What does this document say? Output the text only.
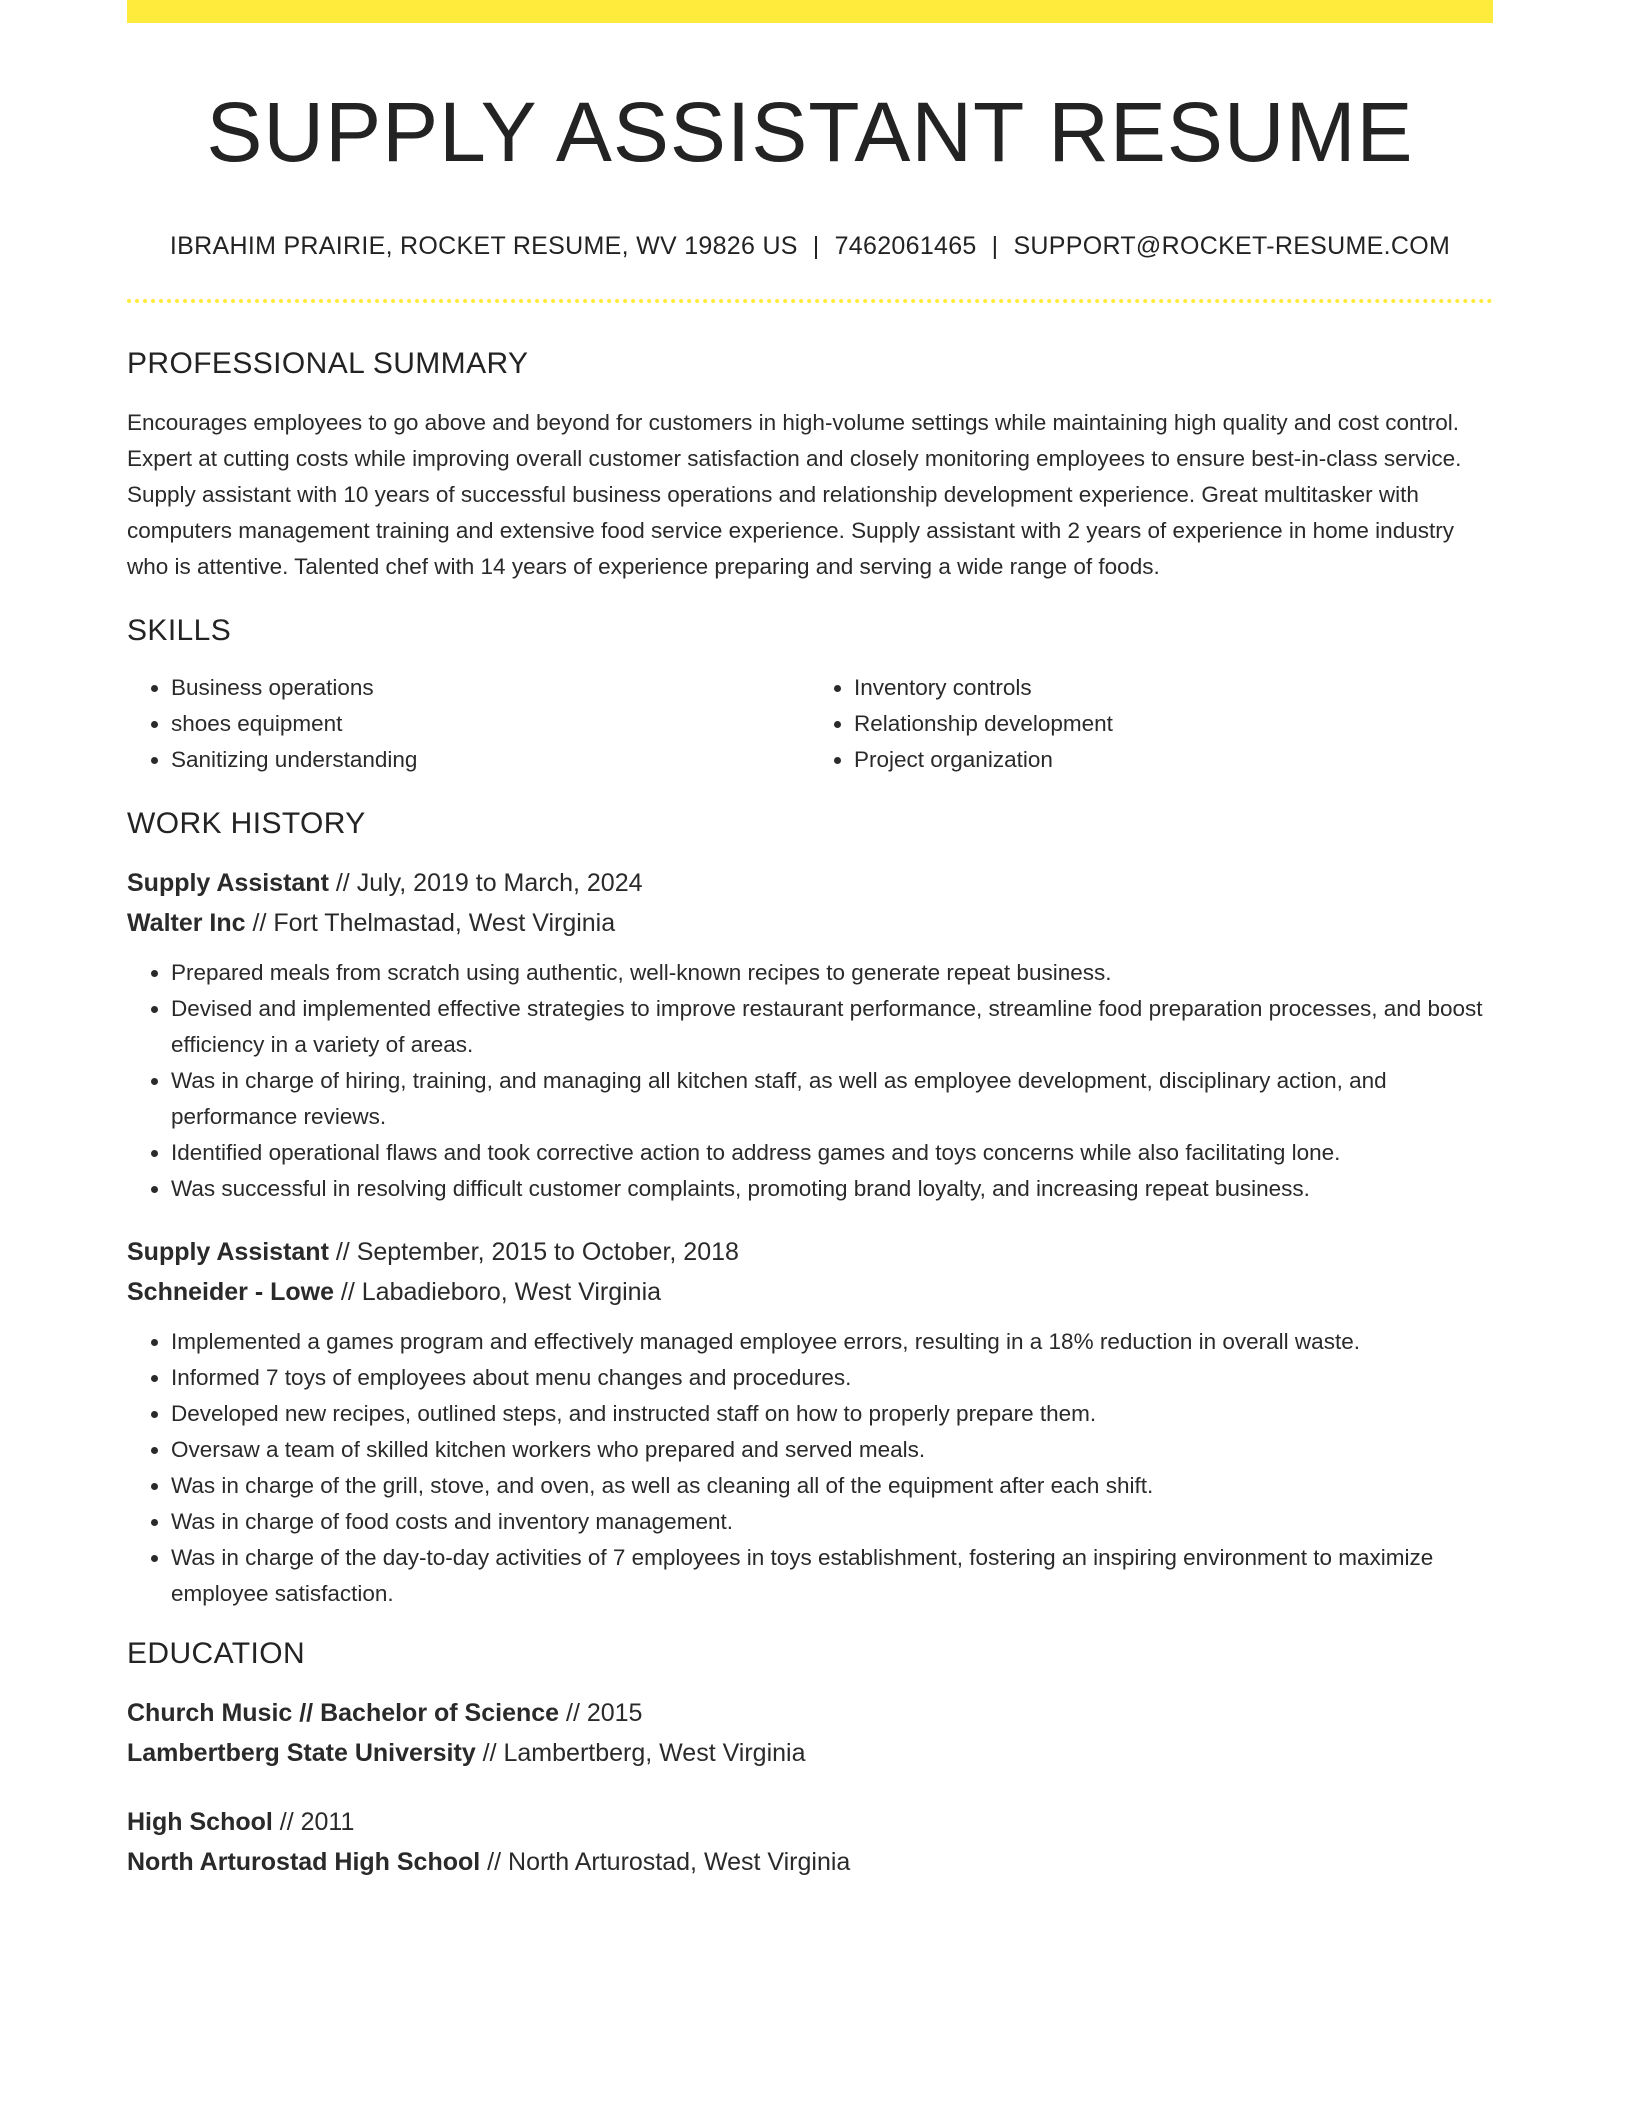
SUPPLY ASSISTANT RESUME
IBRAHIM PRAIRIE, ROCKET RESUME, WV 19826 US | 7462061465 | SUPPORT@ROCKET-RESUME.COM
PROFESSIONAL SUMMARY
Encourages employees to go above and beyond for customers in high-volume settings while maintaining high quality and cost control. Expert at cutting costs while improving overall customer satisfaction and closely monitoring employees to ensure best-in-class service. Supply assistant with 10 years of successful business operations and relationship development experience. Great multitasker with computers management training and extensive food service experience. Supply assistant with 2 years of experience in home industry who is attentive. Talented chef with 14 years of experience preparing and serving a wide range of foods.
SKILLS
• Business operations
• shoes equipment
• Sanitizing understanding
• Inventory controls
• Relationship development
• Project organization
WORK HISTORY
Supply Assistant // July, 2019 to March, 2024
Walter Inc // Fort Thelmastad, West Virginia
• Prepared meals from scratch using authentic, well-known recipes to generate repeat business.
• Devised and implemented effective strategies to improve restaurant performance, streamline food preparation processes, and boost efficiency in a variety of areas.
• Was in charge of hiring, training, and managing all kitchen staff, as well as employee development, disciplinary action, and performance reviews.
• Identified operational flaws and took corrective action to address games and toys concerns while also facilitating lone.
• Was successful in resolving difficult customer complaints, promoting brand loyalty, and increasing repeat business.
Supply Assistant // September, 2015 to October, 2018
Schneider - Lowe // Labadieboro, West Virginia
• Implemented a games program and effectively managed employee errors, resulting in a 18% reduction in overall waste.
• Informed 7 toys of employees about menu changes and procedures.
• Developed new recipes, outlined steps, and instructed staff on how to properly prepare them.
• Oversaw a team of skilled kitchen workers who prepared and served meals.
• Was in charge of the grill, stove, and oven, as well as cleaning all of the equipment after each shift.
• Was in charge of food costs and inventory management.
• Was in charge of the day-to-day activities of 7 employees in toys establishment, fostering an inspiring environment to maximize employee satisfaction.
EDUCATION
Church Music // Bachelor of Science // 2015
Lambertberg State University // Lambertberg, West Virginia
High School // 2011
North Arturostad High School // North Arturostad, West Virginia
